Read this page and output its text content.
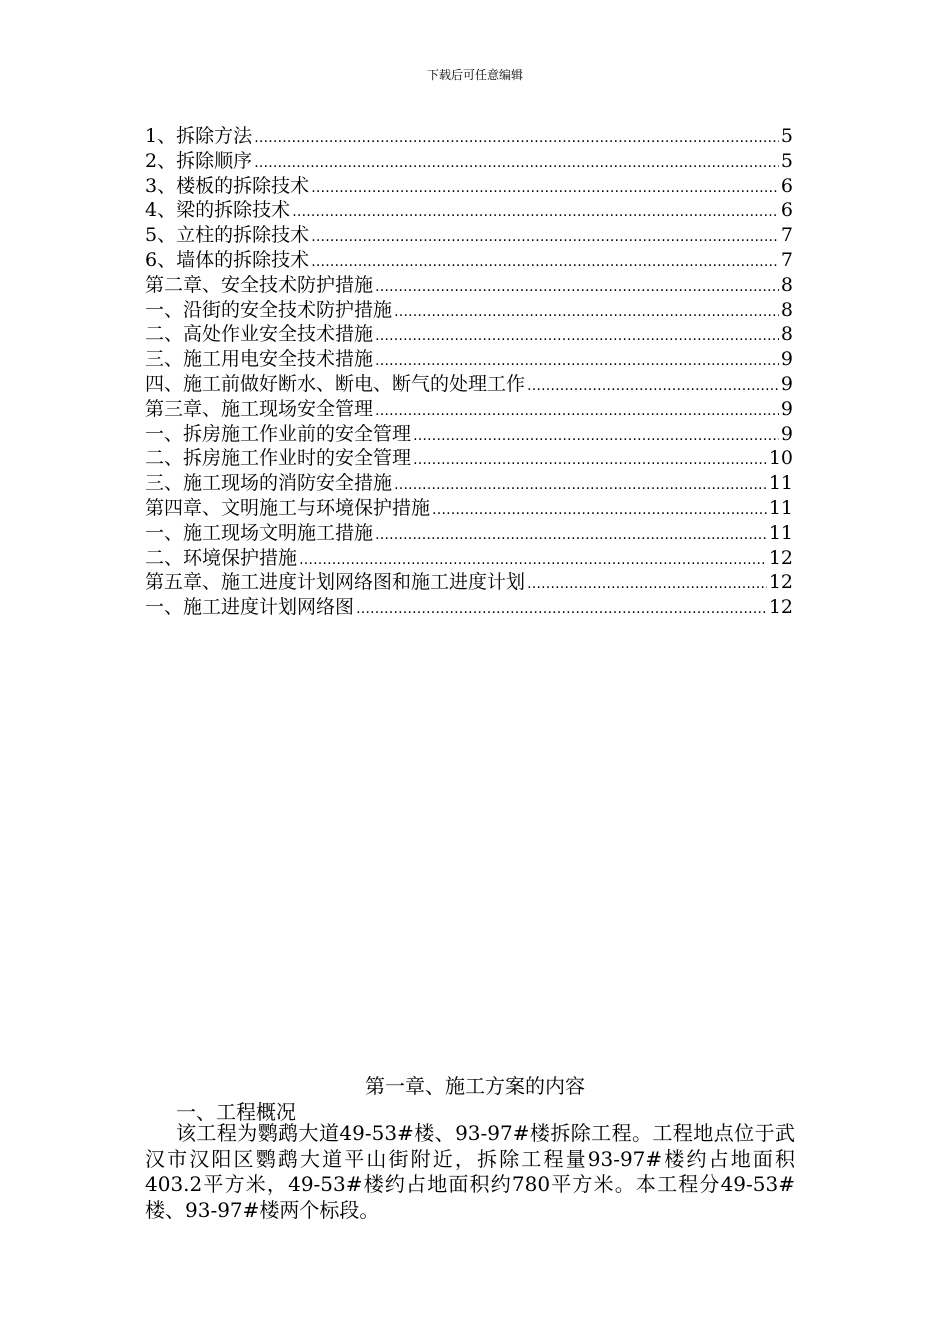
下载后可任意编辑
1、拆除方法 ……………………………………………………………………………………………………………………………………	5
2、拆除顺序 ……………………………………………………………………………………………………………………………………	5
3、楼板的拆除技术 ……………………………………………………………………………………………………………………………………	6
4、梁的拆除技术 ……………………………………………………………………………………………………………………………………	6
5、立柱的拆除技术 ……………………………………………………………………………………………………………………………………	7
6、墙体的拆除技术 ……………………………………………………………………………………………………………………………………	7
第二章、安全技术防护措施 ……………………………………………………………………………………………………………………………………	8
一、沿街的安全技术防护措施 ……………………………………………………………………………………………………………………………………	8
二、高处作业安全技术措施 ……………………………………………………………………………………………………………………………………	8
三、施工用电安全技术措施 ……………………………………………………………………………………………………………………………………	9
四、施工前做好断水、断电、断气的处理工作 ……………………………………………………………………………………………………………………………………	9
第三章、施工现场安全管理 ……………………………………………………………………………………………………………………………………	9
一、拆房施工作业前的安全管理 ……………………………………………………………………………………………………………………………………	9
二、拆房施工作业时的安全管理 ……………………………………………………………………………………………………………………………………	10
三、施工现场的消防安全措施 ……………………………………………………………………………………………………………………………………	11
第四章、文明施工与环境保护措施 ……………………………………………………………………………………………………………………………………	11
一、施工现场文明施工措施 ……………………………………………………………………………………………………………………………………	11
二、环境保护措施 ……………………………………………………………………………………………………………………………………	12
第五章、施工进度计划网络图和施工进度计划 ……………………………………………………………………………………………………………………………………	12
一、施工进度计划网络图 ……………………………………………………………………………………………………………………………………	12
第一章、施工方案的内容
一、工程概况

该工程为鹦鹉大道49-53#楼、93-97#楼拆除工程。工程地点位于武汉市汉阳区鹦鹉大道平山街附近，拆除工程量93-97#楼约占地面积403.2平方米，49-53#楼约占地面积约780平方米。本工程分49-53#楼、93-97#楼两个标段。
